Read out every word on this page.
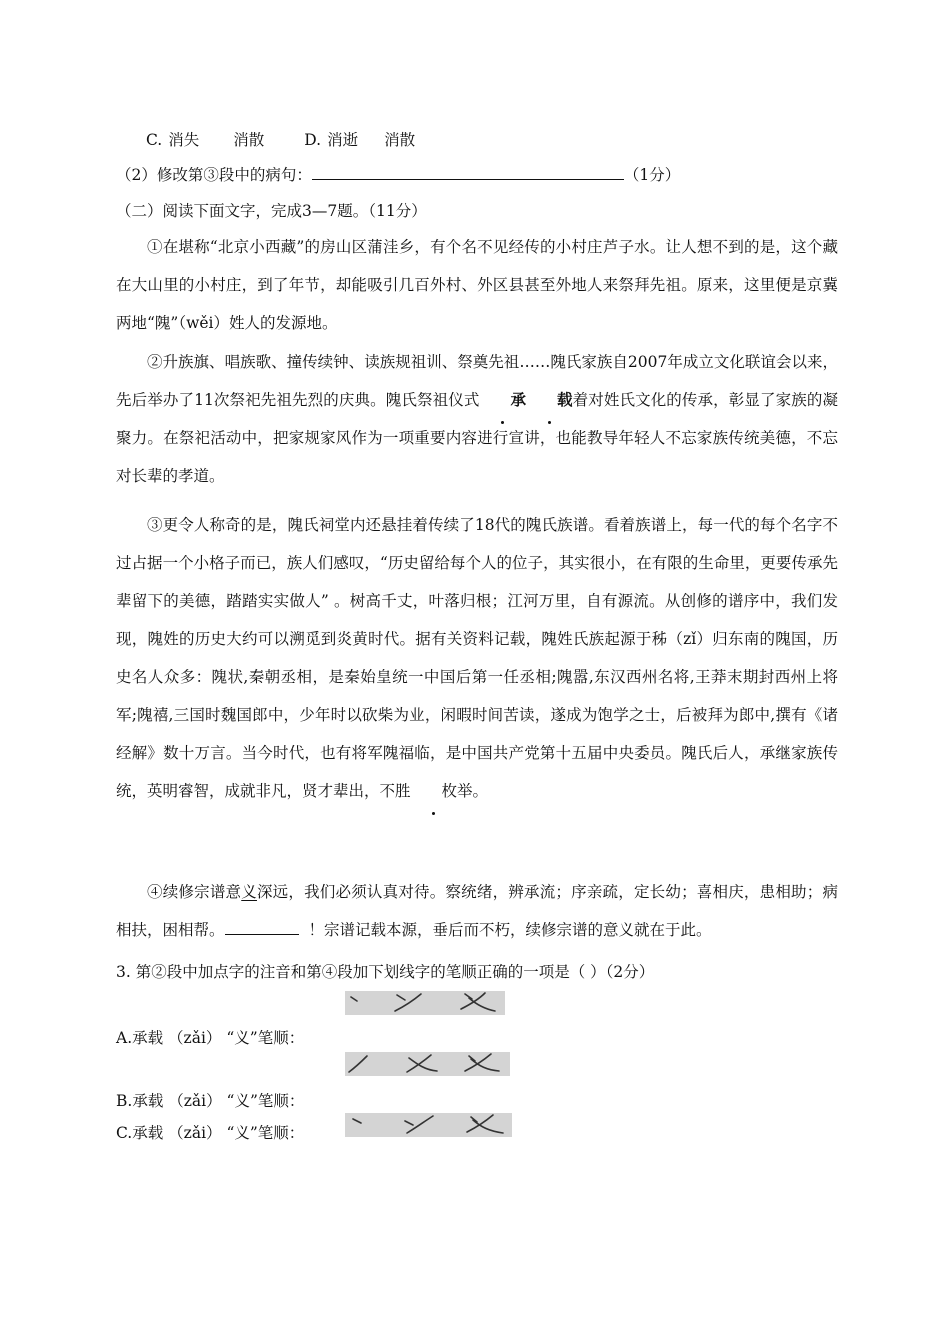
C. 消失 消散	D. 消逝 消散
（2）修改第③段中的病句：	（1分）
（二）阅读下面文字，完成3—7题。（11分）
①在堪称“北京小西藏”的房山区蒲洼乡，有个名不见经传的小村庄芦子水。让人想不到的是，这个藏在大山里的小村庄，到了年节，却能吸引几百外村、外区县甚至外地人来祭拜先祖。原来，这里便是京冀两地“隗”（wěi）姓人的发源地。
②升族旗、唱族歌、撞传续钟、读族规祖训、祭奠先祖……隗氏家族自2007年成立文化联谊会以来，先后举办了11次祭祀先祖先烈的庆典。隗氏祭祖仪式 承 载着对姓氏文化的传承，彰显了家族的凝聚力。在祭祀活动中，把家规家风作为一项重要内容进行宣讲，也能教导年轻人不忘家族传统美德，不忘对长辈的孝道。
③更令人称奇的是，隗氏祠堂内还悬挂着传续了18代的隗氏族谱。看着族谱上，每一代的每个名字不过占据一个小格子而已，族人们感叹，“历史留给每个人的位子，其实很小，在有限的生命里，更要传承先辈留下的美德，踏踏实实做人” 。树高千丈，叶落归根；江河万里，自有源流。从创修的谱序中，我们发现，隗姓的历史大约可以溯觅到炎黄时代。据有关资料记载，隗姓氏族起源于秭（zǐ）归东南的隗国，历史名人众多：隗状,秦朝丞相，是秦始皇统一中国后第一任丞相;隗嚣,东汉西州名将,王莽末期封西州上将军;隗禧,三国时魏国郎中，少年时以砍柴为业，闲暇时间苦读，遂成为饱学之士，后被拜为郎中,撰有《诸经解》数十万言。当今时代，也有将军隗福临，是中国共产党第十五届中央委员。隗氏后人，承继家族传统，英明睿智，成就非凡，贤才辈出，不胜 枚举。
④续修宗谱意义深远，我们必须认真对待。察统绪，辨承流；序亲疏，定长幼；喜相庆，患相助；病相扶，困相帮。	！宗谱记载本源，垂后而不朽，续修宗谱的意义就在于此。
3. 第②段中加点字的注音和第④段加下划线字的笔顺正确的一项是（ ）（2分）
A.承载 （zǎi） “义”笔顺：
B.承载 （zǎi） “义”笔顺：
C.承载 （zǎi） “义”笔顺：
